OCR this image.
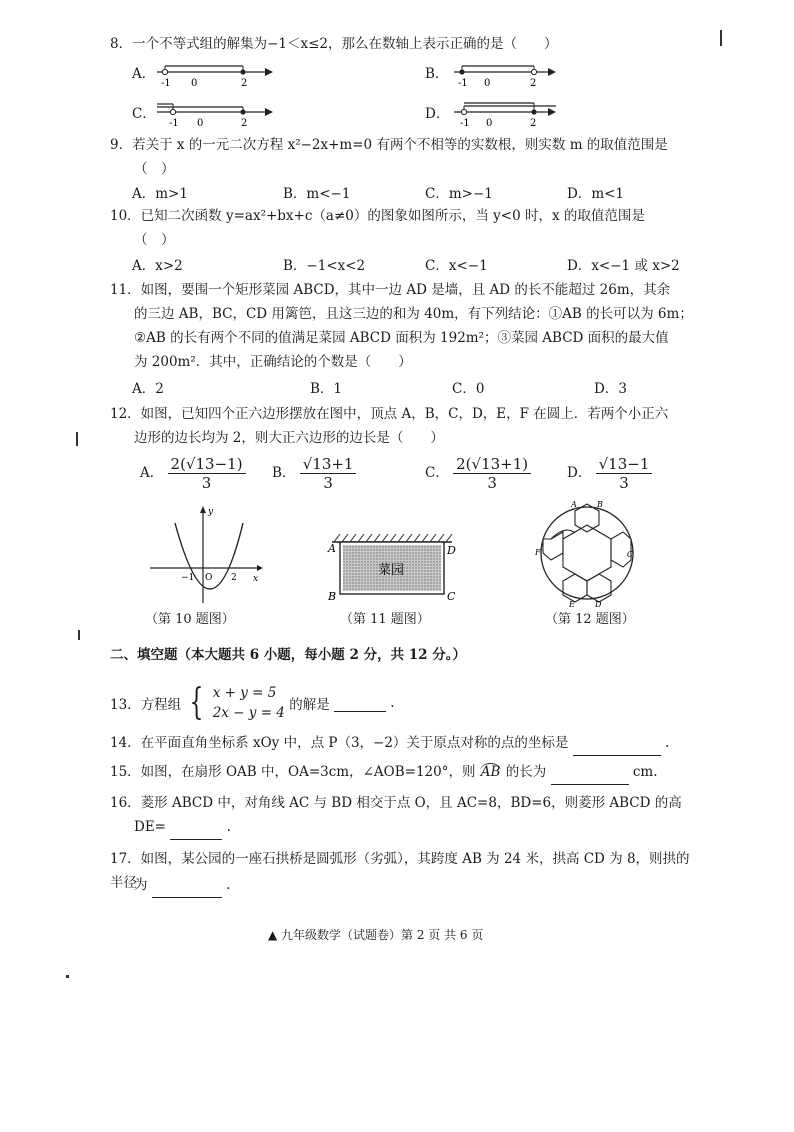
8．一个不等式组的解集为−1＜x≤2，那么在数轴上表示正确的是（　　）
A．
-1 0	2
B．
-1 0	2
C．
-1 0	2
D．
-1 0	2
9．若关于 x 的一元二次方程 x²−2x+m=0 有两个不相等的实数根，则实数 m 的取值范围是
（　）
A．m>1	B．m<−1	C．m>−1	D．m<1
10．已知二次函数 y=ax²+bx+c（a≠0）的图象如图所示，当 y<0 时，x 的取值范围是
（　）
A．x>2	B．−1<x<2	C．x<−1	D．x<−1 或 x>2
11．如图，要围一个矩形菜园 ABCD，其中一边 AD 是墙，且 AD 的长不能超过 26m，其余
的三边 AB，BC，CD 用篱笆，且这三边的和为 40m，有下列结论：①AB 的长可以为 6m；
②AB 的长有两个不同的值满足菜园 ABCD 面积为 192m²；③菜园 ABCD 面积的最大值
为 200m²．其中，正确结论的个数是（　　）
A．2	B．1	C．0	D．3
12．如图，已知四个正六边形摆放在图中，顶点 A，B，C，D，E，F 在圆上．若两个小正六
边形的边长均为 2，则大正六边形的边长是（　　）
A． $\frac{2(√13-1)}{3}$ B． $\frac{√13+1}{3}$	C． $\frac{2(√13+1)}{3}$	D． $\frac{√13-1}{3}$
−1 O 2 x
y
（第 10 题图）
菜园
A
B	C
D
（第 11 题图）
A	B
C
D
E
F
（第 12 题图）
二、填空题（本大题共 6 小题，每小题 2 分，共 12 分。）
13．方程组 { x + y = 5
2x − y = 4 的解是	.
14．在平面直角坐标系 xOy 中，点 P（3，−2）关于原点对称的点的坐标是	.
15．如图，在扇形 OAB 中，OA=3cm，∠AOB=120°，则 AB 的长为	cm.
16．菱形 ABCD 中，对角线 AC 与 BD 相交于点 O，且 AC=8，BD=6，则菱形 ABCD 的高
DE=	.
17．如图，某公园的一座石拱桥是圆弧形（劣弧），其跨度 AB 为 24 米，拱高 CD 为 8，则拱的半径
为	.
▲ 九年级数学（试题卷）第 2 页 共 6 页
